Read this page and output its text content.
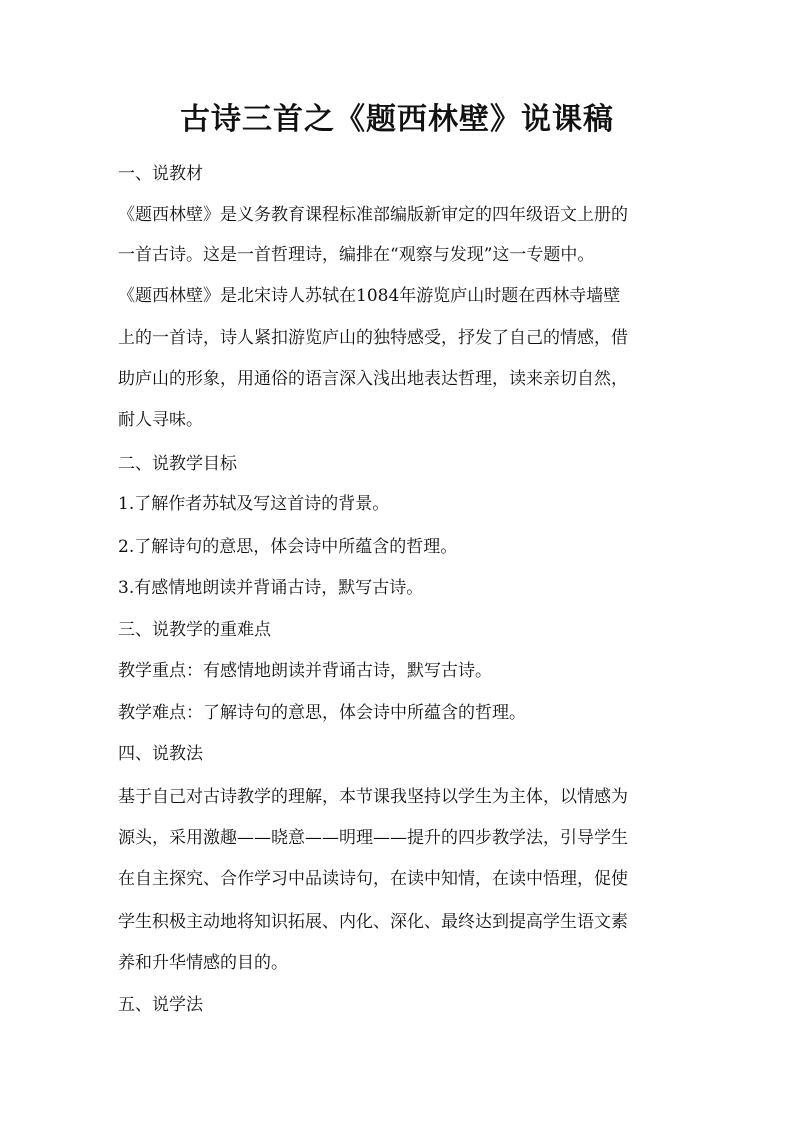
古诗三首之《题西林壁》说课稿
一、说教材
《题西林壁》是义务教育课程标准部编版新审定的四年级语文上册的
一首古诗。这是一首哲理诗，编排在“观察与发现”这一专题中。
《题西林壁》是北宋诗人苏轼在1084年游览庐山时题在西林寺墙壁
上的一首诗，诗人紧扣游览庐山的独特感受，抒发了自己的情感，借
助庐山的形象，用通俗的语言深入浅出地表达哲理，读来亲切自然，
耐人寻味。
二、说教学目标
1.了解作者苏轼及写这首诗的背景。
2.了解诗句的意思，体会诗中所蕴含的哲理。
3.有感情地朗读并背诵古诗，默写古诗。
三、说教学的重难点
教学重点：有感情地朗读并背诵古诗，默写古诗。
教学难点：了解诗句的意思，体会诗中所蕴含的哲理。
四、说教法
基于自己对古诗教学的理解，本节课我坚持以学生为主体，以情感为
源头，采用激趣——晓意——明理——提升的四步教学法，引导学生
在自主探究、合作学习中品读诗句，在读中知情，在读中悟理，促使
学生积极主动地将知识拓展、内化、深化、最终达到提高学生语文素
养和升华情感的目的。
五、说学法
